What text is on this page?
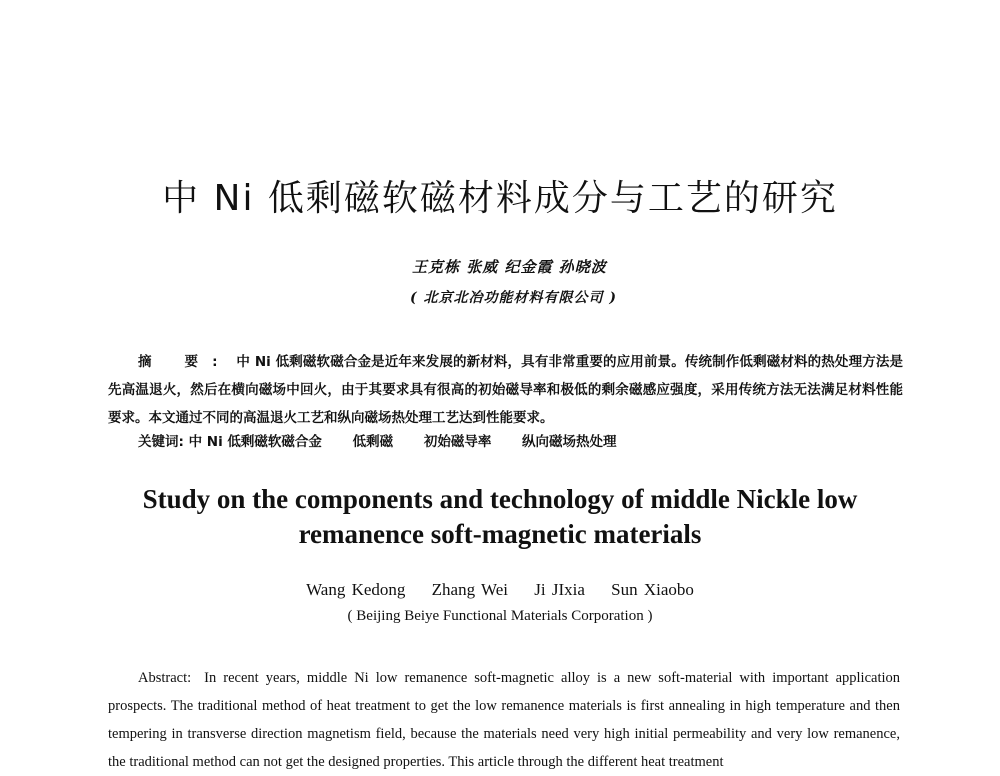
中 Ni 低剩磁软磁材料成分与工艺的研究
王克栋 张威 纪金霞 孙晓波
( 北京北冶功能材料有限公司 )
摘 要: 中 Ni 低剩磁软磁合金是近年来发展的新材料，具有非常重要的应用前景。传统制作低剩磁材料的热处理方法是先高温退火，然后在横向磁场中回火，由于其要求具有很高的初始磁导率和极低的剩余磁感应强度，采用传统方法无法满足材料性能要求。本文通过不同的高温退火工艺和纵向磁场热处理工艺达到性能要求。
关键词: 中 Ni 低剩磁软磁合金 低剩磁 初始磁导率 纵向磁场热处理
Study on the components and technology of middle Nickle low remanence soft-magnetic materials
Wang Kedong Zhang Wei Ji JIxia Sun Xiaobo
( Beijing Beiye Functional Materials Corporation )
Abstract: In recent years, middle Ni low remanence soft-magnetic alloy is a new soft-material with important application prospects. The traditional method of heat treatment to get the low remanence materials is first annealing in high temperature and then tempering in transverse direction magnetism field, because the materials need very high initial permeability and very low remanence, the traditional method can not get the designed properties. This article through the different heat treatment
